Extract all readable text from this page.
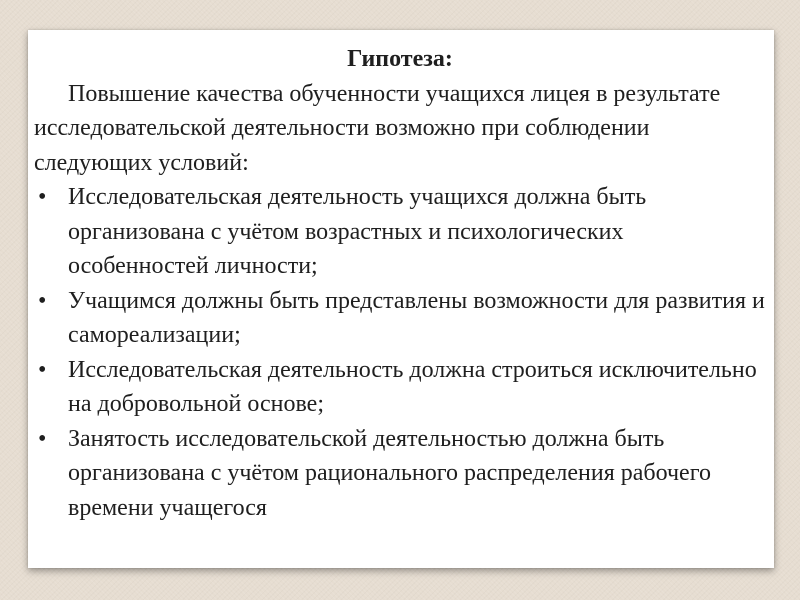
Гипотеза:

Повышение качества обученности учащихся лицея в результате исследовательской деятельности возможно при соблюдении следующих условий:

• Исследовательская деятельность учащихся должна быть организована с учётом возрастных и психологических особенностей личности;
• Учащимся должны быть представлены возможности для развития и самореализации;
• Исследовательская деятельность должна строиться исключительно на добровольной основе;
• Занятость исследовательской деятельностью должна быть организована с учётом рационального распределения рабочего времени учащегося
